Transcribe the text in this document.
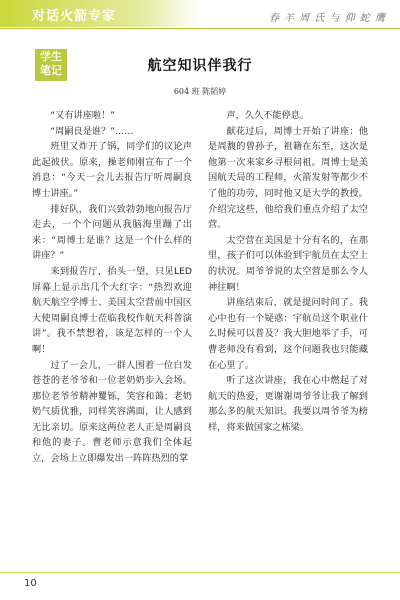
对话火箭专家	春 羊 周 氏 与 仰 蛇 鹰
学生
笔记	航空知识伴我行
604 班 陈韬婷

“又有讲座啦！”

“周嗣良是谁？”……

班里又炸开了锅，同学们的议论声此起彼伏。原来，操老师刚宣布了一个消息：“今天一会儿去报告厅听周嗣良博士讲座。”

排好队，我们兴致勃勃地向报告厅走去，一个个问题从我脑海里蹦了出来：“周博士是谁？这是一个什么样的讲座？”

来到报告厅，抬头一望，只见LED屏幕上显示出几个大红字：“热烈欢迎航天航空学博士、美国太空营前中国区大使周嗣良博士莅临我校作航天科普演讲”。我不禁想着，该是怎样的一个人啊！

过了一会儿，一群人围着一位白发苍苍的老爷爷和一位老奶奶步入会场。那位老爷爷精神矍铄，笑容和蔼；老奶奶气质优雅，同样笑容满面，让人感到无比亲切。原来这两位老人正是周嗣良和他的妻子。曹老师示意我们全体起立，会场上立即爆发出一阵阵热烈的掌

声，久久不能停息。

献花过后，周博士开始了讲座：他是周馥的曾孙子，祖籍在东至，这次是他第一次来家乡寻根问祖。周博士是美国航天局的工程师，火箭发射等都少不了他的功劳，同时他又是大学的教授。介绍完这些，他给我们重点介绍了太空营。

太空营在美国是十分有名的，在那里，孩子们可以体验到宇航员在太空上的状况。周爷爷说的太空营是那么令人神往啊！

讲座结束后，就是提问时间了。我心中也有一个疑惑：宇航员这个职业什么时候可以普及？我大胆地举了手，可曹老师没有看到，这个问题我也只能藏在心里了。

听了这次讲座，我在心中燃起了对航天的热爱，更谢谢周爷爷让我了解到那么多的航天知识。我要以周爷爷为榜样，将来做国家之栋梁。

10
